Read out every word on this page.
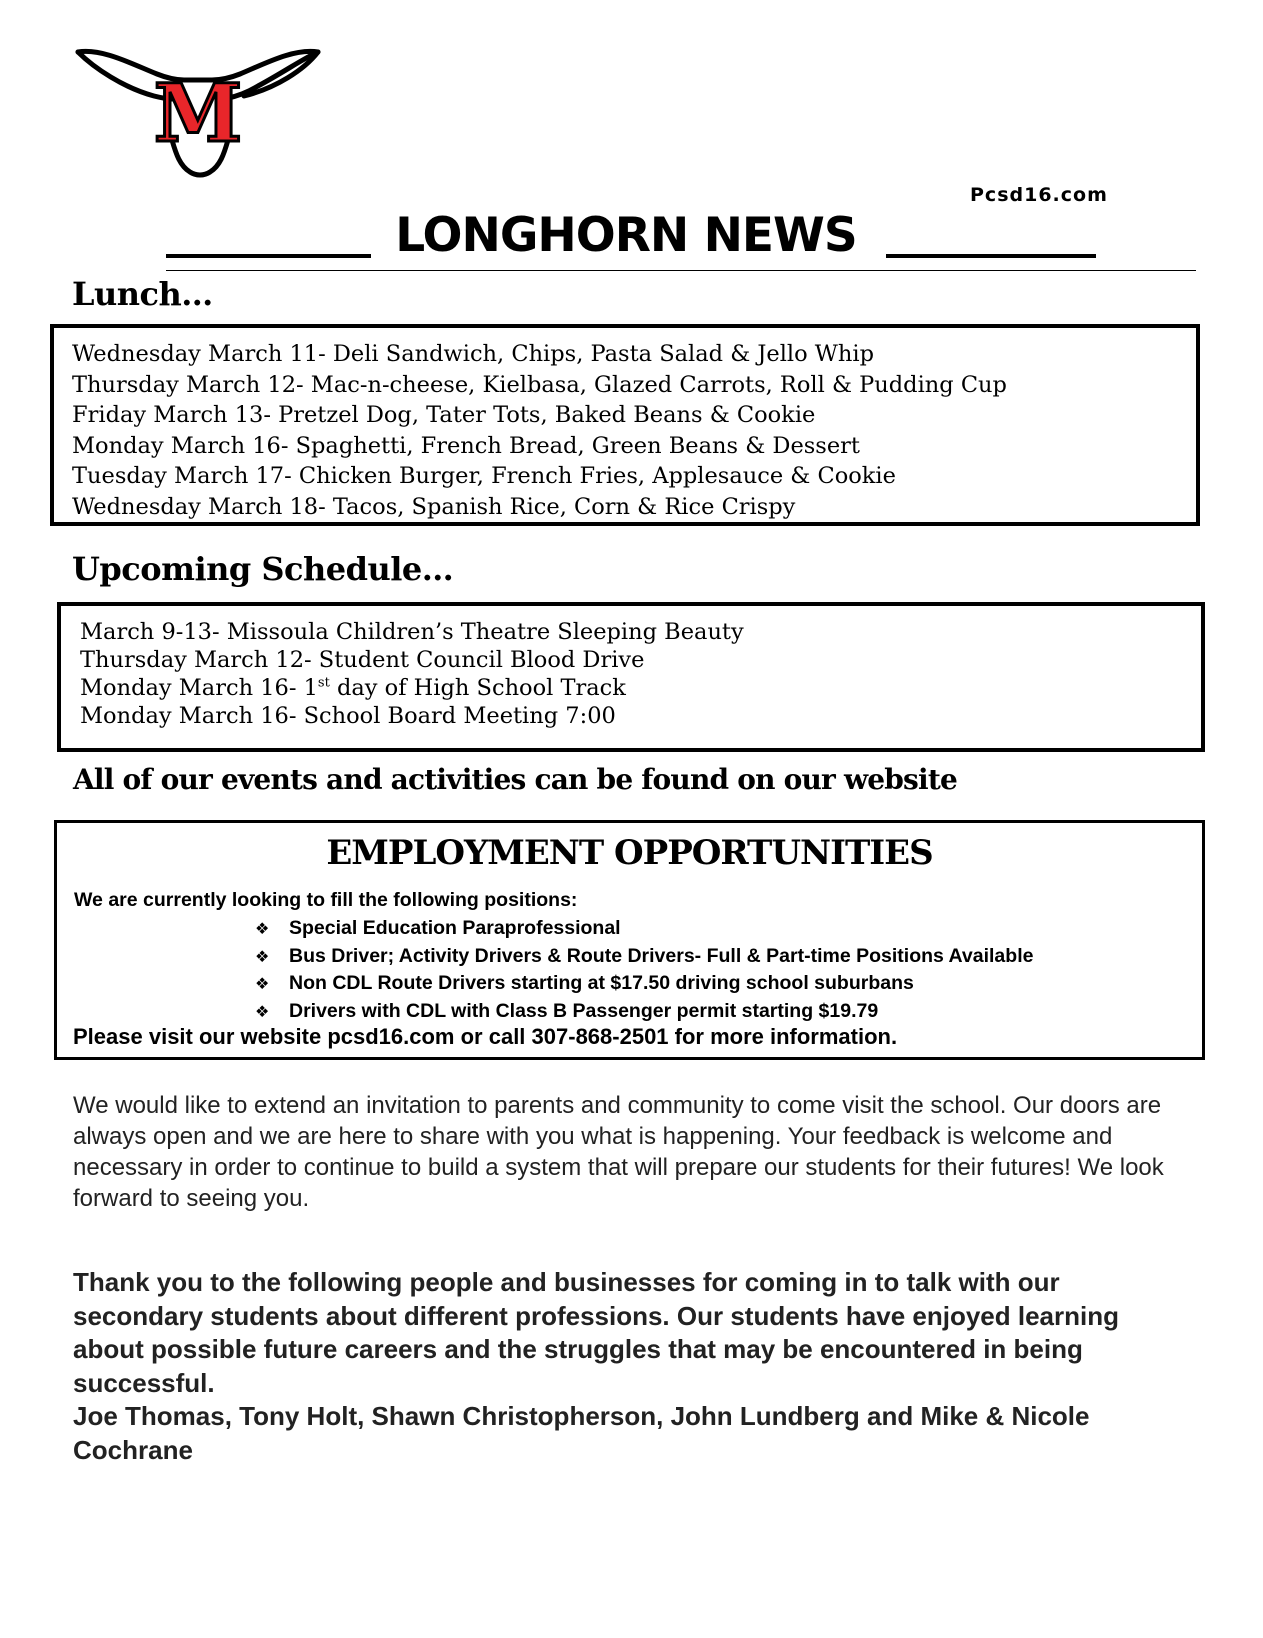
M
Pcsd16.com
LONGHORN NEWS
Lunch…
Wednesday March 11- Deli Sandwich, Chips, Pasta Salad & Jello Whip
Thursday March 12- Mac-n-cheese, Kielbasa, Glazed Carrots, Roll & Pudding Cup
Friday March 13- Pretzel Dog, Tater Tots, Baked Beans & Cookie
Monday March 16- Spaghetti, French Bread, Green Beans & Dessert
Tuesday March 17- Chicken Burger, French Fries, Applesauce & Cookie
Wednesday March 18- Tacos, Spanish Rice, Corn & Rice Crispy
Upcoming Schedule…
March 9-13- Missoula Children’s Theatre Sleeping Beauty
Thursday March 12- Student Council Blood Drive
Monday March 16- 1st day of High School Track
Monday March 16- School Board Meeting 7:00
All of our events and activities can be found on our website
EMPLOYMENT OPPORTUNITIES
We are currently looking to fill the following positions:
❖ Special Education Paraprofessional
❖ Bus Driver; Activity Drivers & Route Drivers- Full & Part-time Positions Available
❖ Non CDL Route Drivers starting at $17.50 driving school suburbans
❖ Drivers with CDL with Class B Passenger permit starting $19.79
Please visit our website pcsd16.com or call 307-868-2501 for more information.

We would like to extend an invitation to parents and community to come visit the school. Our doors are always open and we are here to share with you what is happening. Your feedback is welcome and necessary in order to continue to build a system that will prepare our students for their futures! We look forward to seeing you.

Thank you to the following people and businesses for coming in to talk with our secondary students about different professions. Our students have enjoyed learning about possible future careers and the struggles that may be encountered in being successful.
Joe Thomas, Tony Holt, Shawn Christopherson, John Lundberg and Mike & Nicole Cochrane
